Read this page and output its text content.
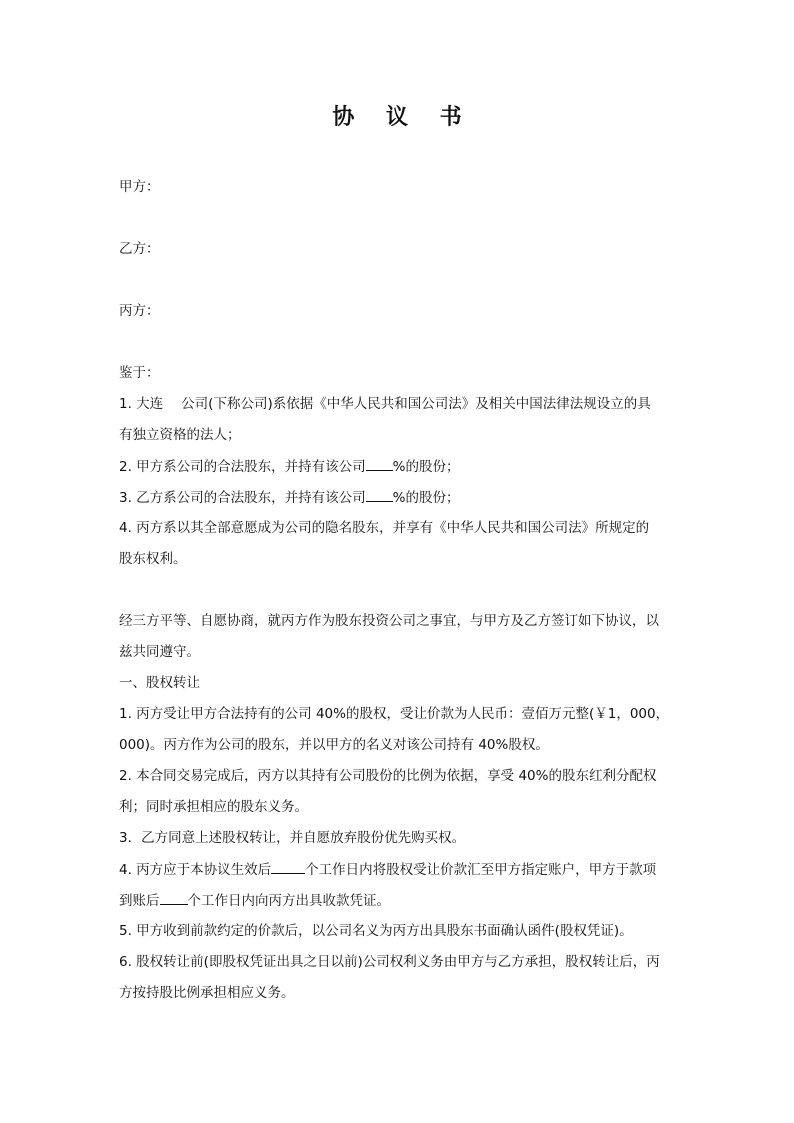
协 议 书
甲方：
乙方：
丙方：
鉴于：
1. 大连 公司(下称公司)系依据《中华人民共和国公司法》及相关中国法律法规设立的具
有独立资格的法人；
2. 甲方系公司的合法股东，并持有该公司 %的股份；
3. 乙方系公司的合法股东，并持有该公司 %的股份；
4. 丙方系以其全部意愿成为公司的隐名股东，并享有《中华人民共和国公司法》所规定的
股东权利。
经三方平等、自愿协商，就丙方作为股东投资公司之事宜，与甲方及乙方签订如下协议，以
兹共同遵守。
一、股权转让
1. 丙方受让甲方合法持有的公司 40%的股权，受让价款为人民币：壹佰万元整(￥1，000，
000)。丙方作为公司的股东，并以甲方的名义对该公司持有 40%股权。
2. 本合同交易完成后，丙方以其持有公司股份的比例为依据，享受 40%的股东红利分配权
利；同时承担相应的股东义务。
3．乙方同意上述股权转让，并自愿放弃股份优先购买权。
4. 丙方应于本协议生效后	个工作日内将股权受让价款汇至甲方指定账户，甲方于款项
到账后 个工作日内向丙方出具收款凭证。
5. 甲方收到前款约定的价款后，以公司名义为丙方出具股东书面确认函件(股权凭证)。
6. 股权转让前(即股权凭证出具之日以前)公司权利义务由甲方与乙方承担，股权转让后，丙
方按持股比例承担相应义务。
